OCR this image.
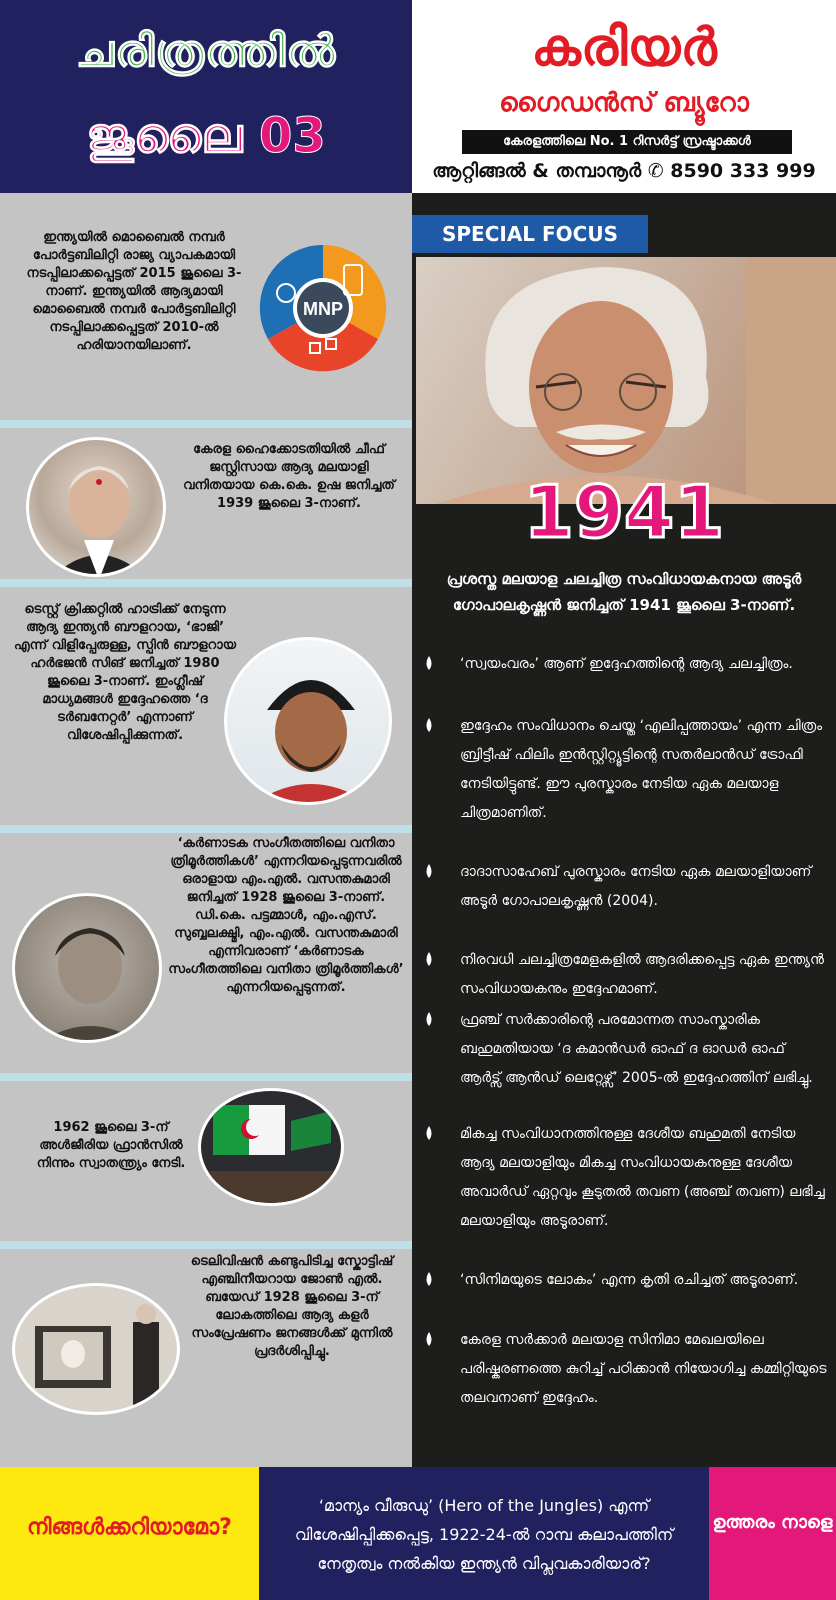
ചരിത്രത്തിൽ
ജൂലൈ 03
കരിയർ
ഗൈഡൻസ് ബ്യൂറോ
കേരളത്തിലെ No. 1 റിസർട്ട് സ്രഷ്ടാക്കൾ
ആറ്റിങ്ങൽ & തമ്പാനൂർ ✆ 8590 333 999
ഇന്ത്യയിൽ മൊബൈൽ നമ്പർ പോർട്ടബിലിറ്റി രാജ്യ വ്യാപകമായി നടപ്പിലാക്കപ്പെട്ടത് 2015 ജൂലൈ 3-നാണ്. ഇന്ത്യയിൽ ആദ്യമായി മൊബൈൽ നമ്പർ പോർട്ടബിലിറ്റി നടപ്പിലാക്കപ്പെട്ടത് 2010-ൽ ഹരിയാനയിലാണ്.
MNP
കേരള ഹൈക്കോടതിയിൽ ചീഫ് ജസ്റ്റിസായ ആദ്യ മലയാളി വനിതയായ കെ.കെ. ഉഷ ജനിച്ചത് 1939 ജൂലൈ 3-നാണ്.
ടെസ്റ്റ് ക്രിക്കറ്റിൽ ഹാട്രിക്ക് നേടുന്ന ആദ്യ ഇന്ത്യൻ ബൗളറായ, ‘ഭാജി’ എന്ന് വിളിപ്പേരുള്ള, സ്പിൻ ബൗളറായ ഹർഭജൻ സിങ് ജനിച്ചത് 1980 ജൂലൈ 3-നാണ്. ഇംഗ്ലീഷ് മാധ്യമങ്ങൾ ഇദ്ദേഹത്തെ ‘ദ ടർബനേറ്റർ’ എന്നാണ് വിശേഷിപ്പിക്കുന്നത്.
‘കർണാടക സംഗീതത്തിലെ വനിതാ ത്രിമൂർത്തികൾ’ എന്നറിയപ്പെടുന്നവരിൽ ഒരാളായ എം.എൽ. വസന്തകുമാരി ജനിച്ചത് 1928 ജൂലൈ 3-നാണ്. ഡി.കെ. പട്ടമ്മാൾ, എം.എസ്. സുബ്ബലക്ഷ്മി, എം.എൽ. വസന്തകുമാരി എന്നിവരാണ് ‘കർണാടക സംഗീതത്തിലെ വനിതാ ത്രിമൂർത്തികൾ’ എന്നറിയപ്പെടുന്നത്.
1962 ജൂലൈ 3-ന് അൾജീരിയ ഫ്രാൻസിൽ നിന്നും സ്വാതന്ത്ര്യം നേടി.
ടെലിവിഷൻ കണ്ടുപിടിച്ച സ്കോട്ടിഷ് എഞ്ചിനീയറായ ജോൺ എൽ. ബയേഡ് 1928 ജൂലൈ 3-ന് ലോകത്തിലെ ആദ്യ കളർ സംപ്രേഷണം ജനങ്ങൾക്ക് മുന്നിൽ പ്രദർശിപ്പിച്ചു.
SPECIAL FOCUS
1941
പ്രശസ്ത മലയാള ചലച്ചിത്ര സംവിധായകനായ അടൂർ ഗോപാലകൃഷ്ണൻ ജനിച്ചത് 1941 ജൂലൈ 3-നാണ്.
‘സ്വയംവരം’ ആണ് ഇദ്ദേഹത്തിന്റെ ആദ്യ ചലച്ചിത്രം.
ഇദ്ദേഹം സംവിധാനം ചെയ്ത ‘എലിപ്പത്തായം’ എന്ന ചിത്രം ബ്രിട്ടീഷ് ഫിലിം ഇൻസ്റ്റിറ്റ്യൂട്ടിന്റെ സതർലാൻഡ് ട്രോഫി നേടിയിട്ടുണ്ട്. ഈ പുരസ്കാരം നേടിയ ഏക മലയാള ചിത്രമാണിത്.
ദാദാസാഹേബ് പുരസ്കാരം നേടിയ ഏക മലയാളിയാണ് അടൂർ ഗോപാലകൃഷ്ണൻ (2004).
നിരവധി ചലച്ചിത്രമേളകളിൽ ആദരിക്കപ്പെട്ട ഏക ഇന്ത്യൻ സംവിധായകനും ഇദ്ദേഹമാണ്.
ഫ്രഞ്ച് സർക്കാരിന്റെ പരമോന്നത സാംസ്കാരിക ബഹുമതിയായ ‘ദ കമാൻഡർ ഓഫ് ദ ഓഡർ ഓഫ് ആർട്സ് ആൻഡ് ലെറ്റേഴ്സ്’ 2005-ൽ ഇദ്ദേഹത്തിന് ലഭിച്ചു.
മികച്ച സംവിധാനത്തിനുള്ള ദേശീയ ബഹുമതി നേടിയ ആദ്യ മലയാളിയും മികച്ച സംവിധായകനുള്ള ദേശീയ അവാർഡ് ഏറ്റവും കൂടുതൽ തവണ (അഞ്ച് തവണ) ലഭിച്ച മലയാളിയും അടൂരാണ്.
‘സിനിമയുടെ ലോകം’ എന്ന കൃതി രചിച്ചത് അടൂരാണ്.
കേരള സർക്കാർ മലയാള സിനിമാ മേഖലയിലെ പരിഷ്കരണത്തെ കുറിച്ച് പഠിക്കാൻ നിയോഗിച്ച കമ്മിറ്റിയുടെ തലവനാണ് ഇദ്ദേഹം.
നിങ്ങൾക്കറിയാമോ?
‘മാന്യം വീരുഡു’ (Hero of the Jungles) എന്ന് വിശേഷിപ്പിക്കപ്പെട്ട, 1922-24-ൽ റാമ്പ കലാപത്തിന് നേതൃത്വം നൽകിയ ഇന്ത്യൻ വിപ്ലവകാരിയാര്?
ഉത്തരം നാളെ
